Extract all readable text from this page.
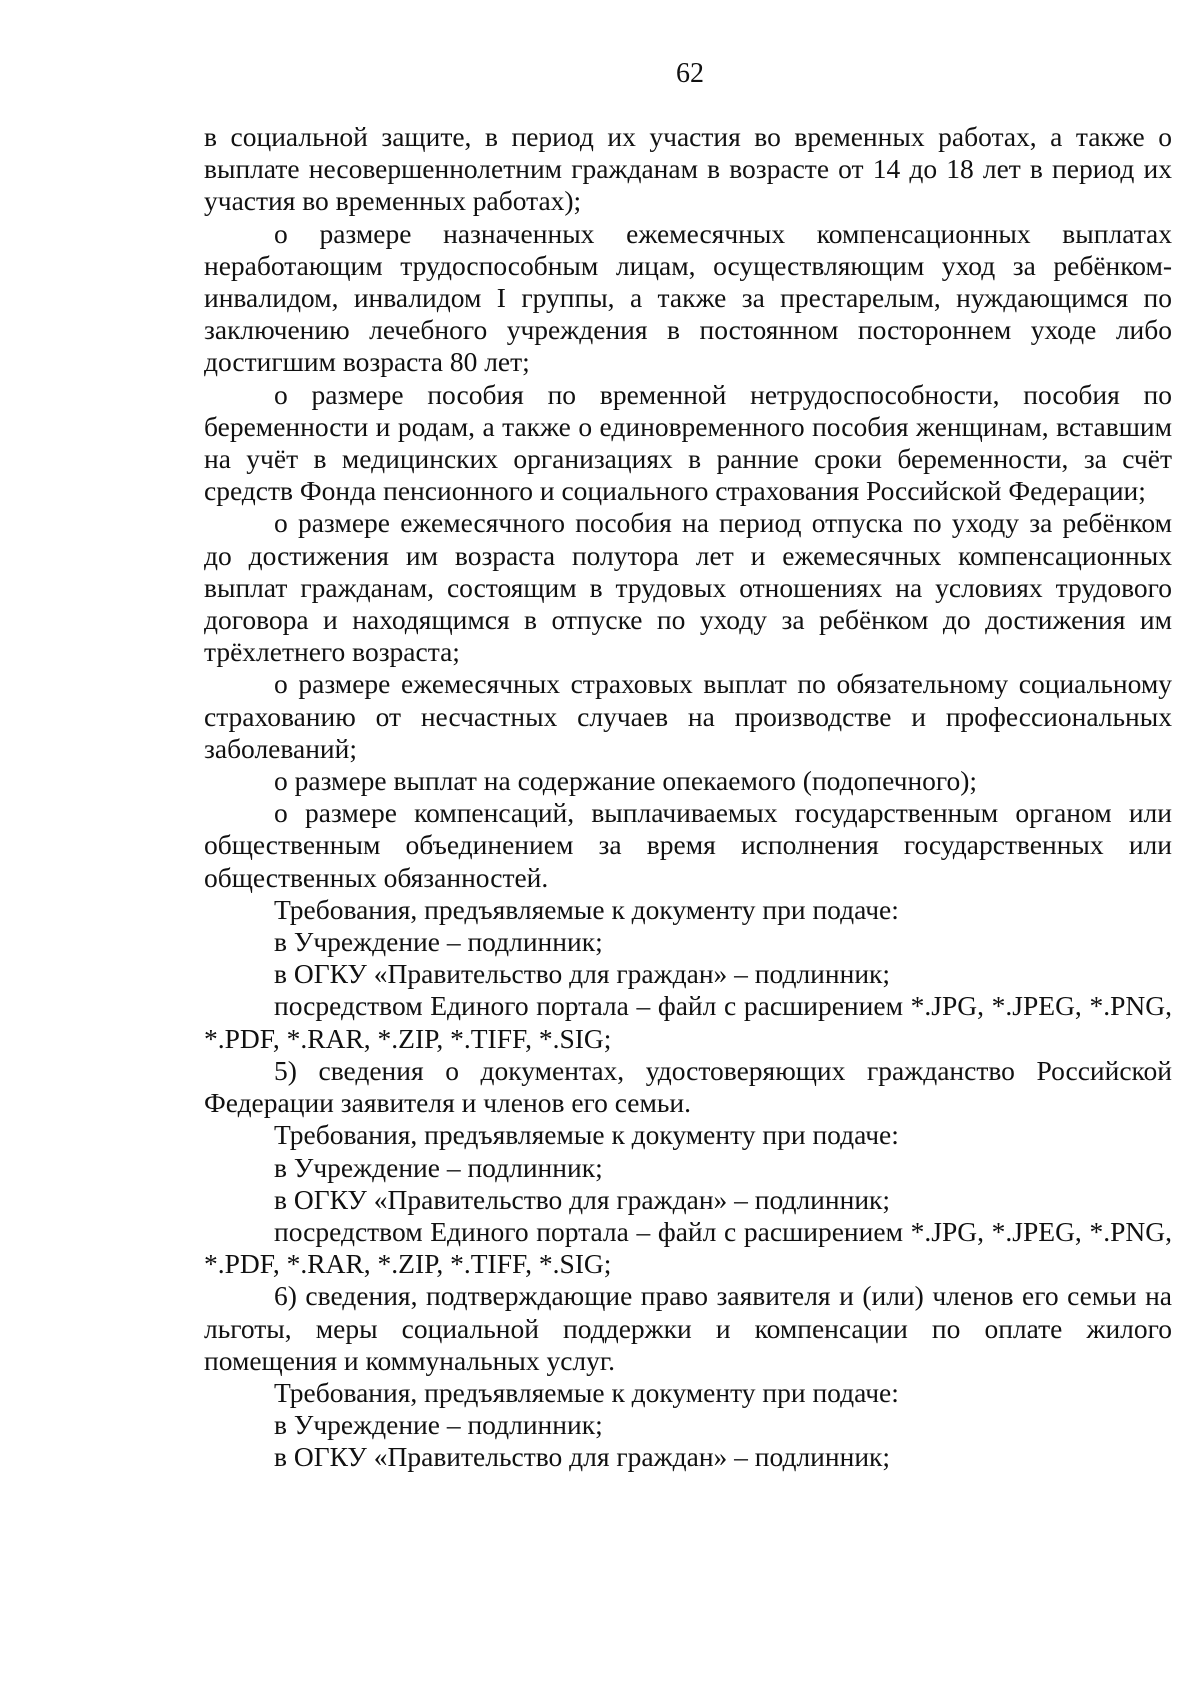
62

в социальной защите, в период их участия во временных работах, а также о выплате несовершеннолетним гражданам в возрасте от 14 до 18 лет в период их участия во временных работах);

о размере назначенных ежемесячных компенсационных выплатах неработающим трудоспособным лицам, осуществляющим уход за ребёнком-инвалидом, инвалидом I группы, а также за престарелым, нуждающимся по заключению лечебного учреждения в постоянном постороннем уходе либо достигшим возраста 80 лет;

о размере пособия по временной нетрудоспособности, пособия по беременности и родам, а также о единовременного пособия женщинам, вставшим на учёт в медицинских организациях в ранние сроки беременности, за счёт средств Фонда пенсионного и социального страхования Российской Федерации;

о размере ежемесячного пособия на период отпуска по уходу за ребёнком до достижения им возраста полутора лет и ежемесячных компенсационных выплат гражданам, состоящим в трудовых отношениях на условиях трудового договора и находящимся в отпуске по уходу за ребёнком до достижения им трёхлетнего возраста;

о размере ежемесячных страховых выплат по обязательному социальному страхованию от несчастных случаев на производстве и профессиональных заболеваний;

о размере выплат на содержание опекаемого (подопечного);

о размере компенсаций, выплачиваемых государственным органом или общественным объединением за время исполнения государственных или общественных обязанностей.

Требования, предъявляемые к документу при подаче:

в Учреждение – подлинник;

в ОГКУ «Правительство для граждан» – подлинник;

посредством Единого портала – файл с расширением *.JPG, *.JPEG, *.PNG, *.PDF, *.RAR, *.ZIP, *.TIFF, *.SIG;

5) сведения о документах, удостоверяющих гражданство Российской Федерации заявителя и членов его семьи.

Требования, предъявляемые к документу при подаче:

в Учреждение – подлинник;

в ОГКУ «Правительство для граждан» – подлинник;

посредством Единого портала – файл с расширением *.JPG, *.JPEG, *.PNG, *.PDF, *.RAR, *.ZIP, *.TIFF, *.SIG;

6) сведения, подтверждающие право заявителя и (или) членов его семьи на льготы, меры социальной поддержки и компенсации по оплате жилого помещения и коммунальных услуг.

Требования, предъявляемые к документу при подаче:

в Учреждение – подлинник;

в ОГКУ «Правительство для граждан» – подлинник;
